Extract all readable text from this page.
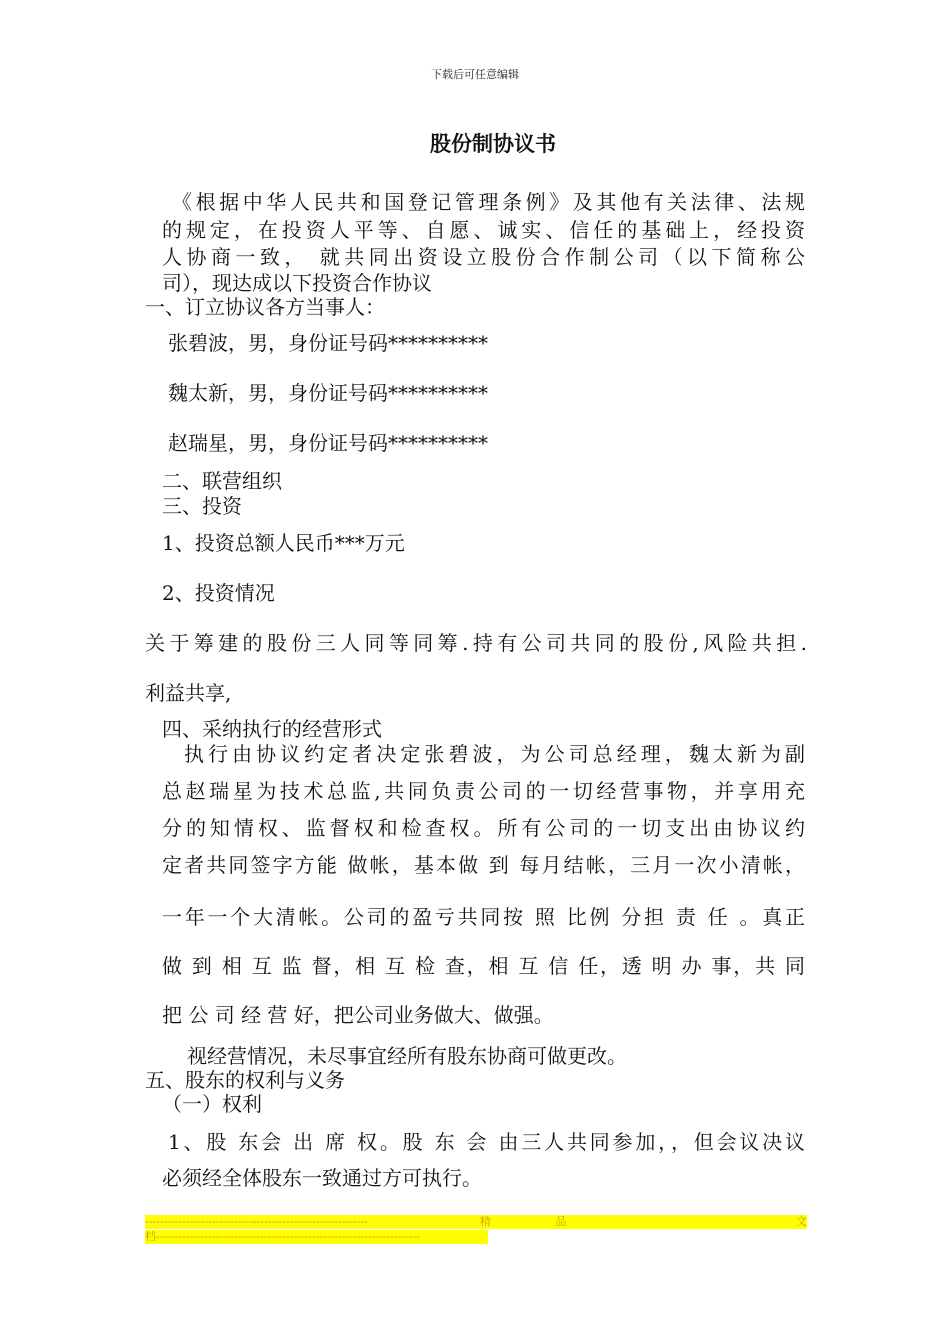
下载后可任意编辑
股份制协议书
《根据中华人民共和国登记管理条例》及其他有关法律、法规
的规定，在投资人平等、自愿、诚实、信任的基础上，经投资
人协商一致， 就共同出资设立股份合作制公司（以下简称公
司），现达成以下投资合作协议
一、订立协议各方当事人：
张碧波，男，身份证号码**********
魏太新，男，身份证号码**********
赵瑞星，男，身份证号码**********
二、联营组织
三、投资
1、投资总额人民币***万元
2、投资情况
关于筹建的股份三人同等同筹.持有公司共同的股份,风险共担.
利益共享,
四、采纳执行的经营形式
执行由协议约定者决定张碧波，为公司总经理，魏太新为副
总赵瑞星为技术总监,共同负责公司的一切经营事物，并享用充
分的知情权、监督权和检查权。所有公司的一切支出由协议约
定者共同签字方能 做帐，基本做 到 每月结帐，三月一次小清帐，
一年一个大清帐。公司的盈亏共同按 照 比例 分担 责 任 。真正
做 到 相 互 监 督，相 互 检 查，相 互 信 任，透 明 办 事，共 同
把 公 司 经 营 好，把公司业务做大、做强。
视经营情况，未尽事宜经所有股东协商可做更改。
五、股东的权利与义务
（一）权利
1、股 东会 出 席 权。股 东 会 由三人共同参加，，但会议决议
必须经全体股东一致通过方可执行。
------------------------------------------------------------	精	品	文
档-----------------------------------------------------------------------
